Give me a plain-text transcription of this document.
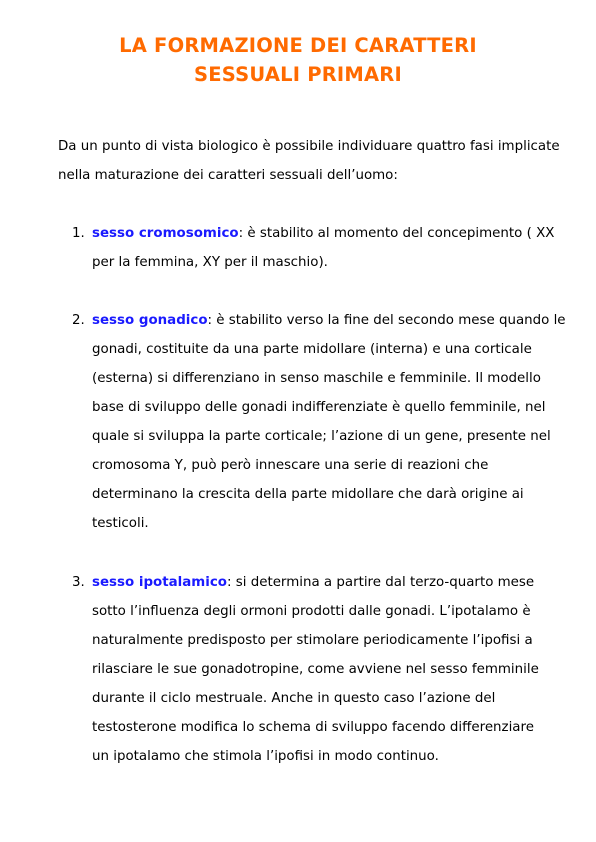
LA FORMAZIONE DEI CARATTERI
SESSUALI PRIMARI
Da un punto di vista biologico è possibile individuare quattro fasi implicate
nella maturazione dei caratteri sessuali dell’uomo:
1. sesso cromosomico: è stabilito al momento del concepimento ( XX
per la femmina, XY per il maschio).
2. sesso gonadico: è stabilito verso la fine del secondo mese quando le
gonadi, costituite da una parte midollare (interna) e una corticale
(esterna) si differenziano in senso maschile e femminile. Il modello
base di sviluppo delle gonadi indifferenziate è quello femminile, nel
quale si sviluppa la parte corticale; l’azione di un gene, presente nel
cromosoma Y, può però innescare una serie di reazioni che
determinano la crescita della parte midollare che darà origine ai
testicoli.
3. sesso ipotalamico: si determina a partire dal terzo-quarto mese
sotto l’influenza degli ormoni prodotti dalle gonadi. L’ipotalamo è
naturalmente predisposto per stimolare periodicamente l’ipofisi a
rilasciare le sue gonadotropine, come avviene nel sesso femminile
durante il ciclo mestruale. Anche in questo caso l’azione del
testosterone modifica lo schema di sviluppo facendo differenziare
un ipotalamo che stimola l’ipofisi in modo continuo.
